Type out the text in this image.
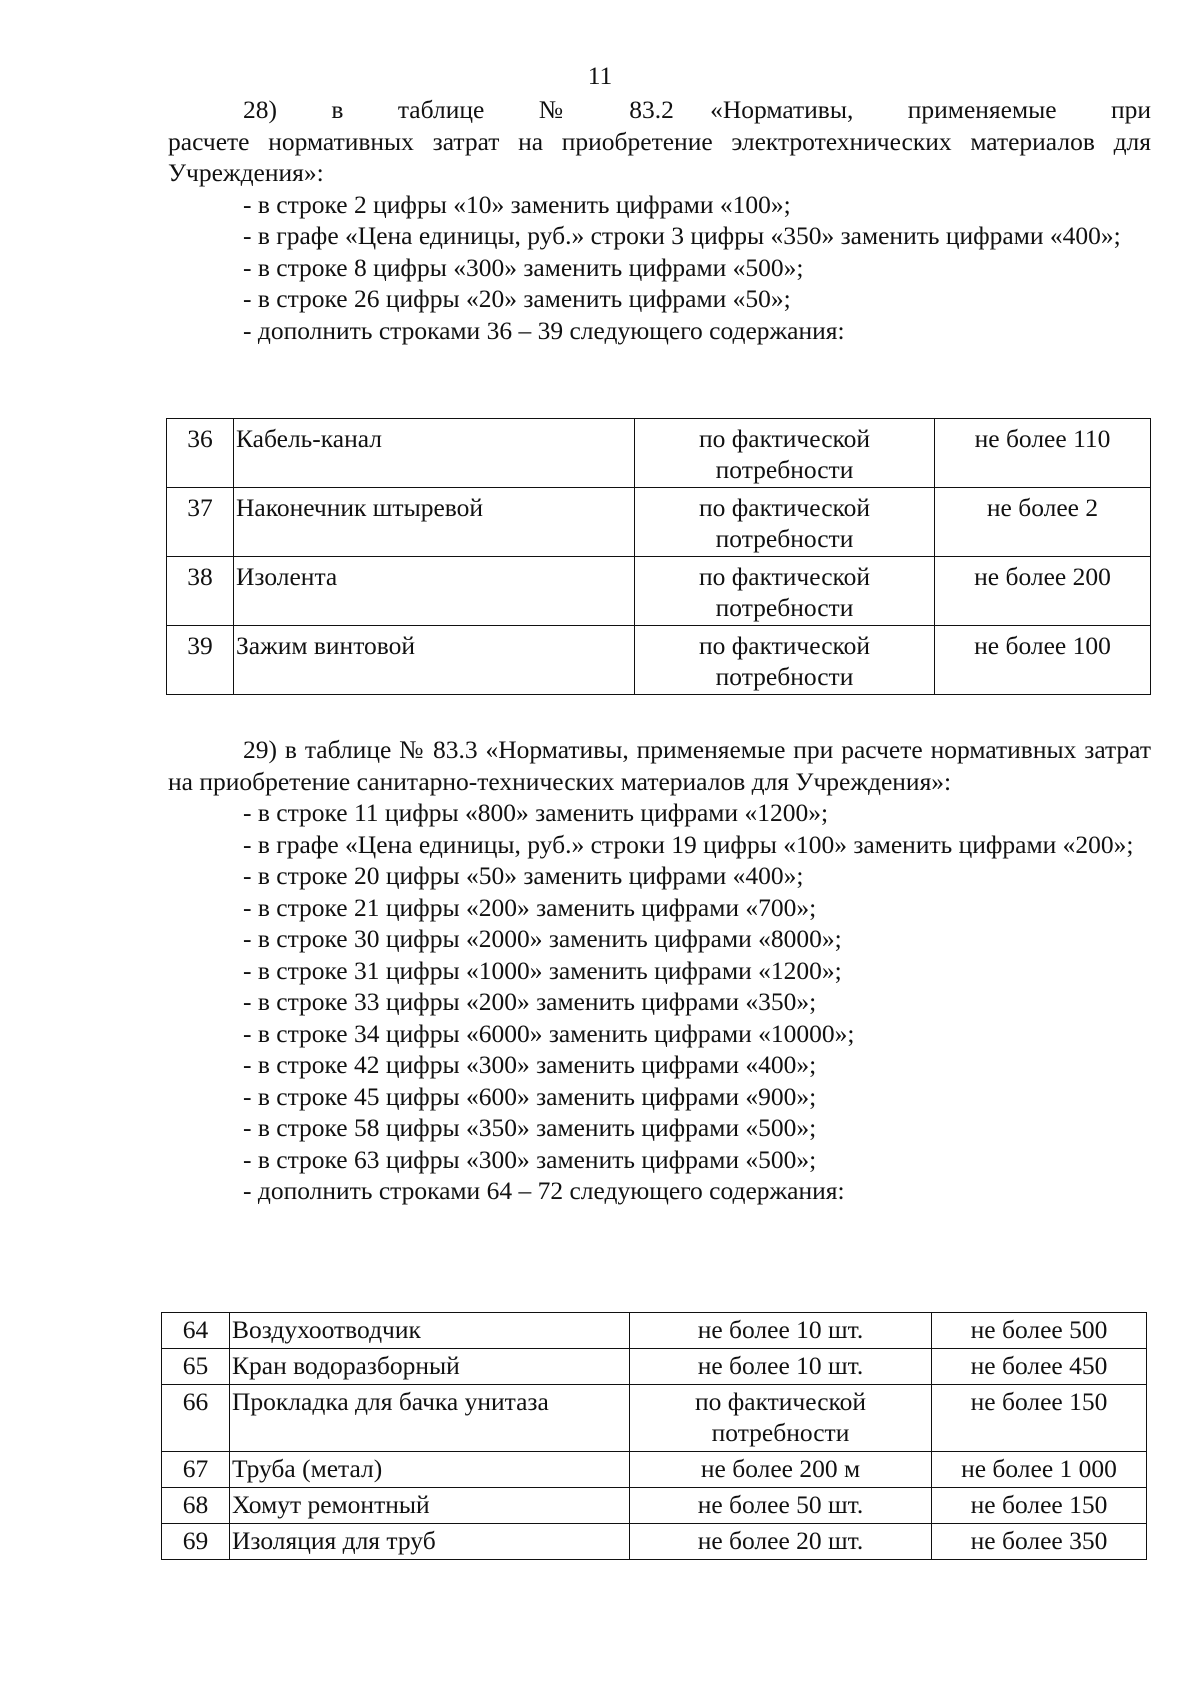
11

28)   в   таблице   №   83.2  «Нормативы,   применяемые   при

расчете нормативных затрат на приобретение электротехнических материалов для Учреждения»:

- в строке 2 цифры «10» заменить цифрами «100»;

- в графе «Цена единицы, руб.» строки 3 цифры «350» заменить цифрами «400»;

- в строке 8 цифры «300» заменить цифрами «500»;

- в строке 26 цифры «20» заменить цифрами «50»;

- дополнить строками 36 – 39 следующего содержания:

36	Кабель-канал	по фактической потребности	не более 110
37	Наконечник штыревой	по фактической потребности	не более 2
38	Изолента	по фактической потребности	не более 200
39	Зажим винтовой	по фактической потребности	не более 100

29) в таблице № 83.3 «Нормативы, применяемые при расчете нормативных затрат на приобретение санитарно-технических материалов для Учреждения»:

- в строке 11 цифры «800» заменить цифрами «1200»;

- в графе «Цена единицы, руб.» строки 19 цифры «100» заменить цифрами «200»;

- в строке 20 цифры «50» заменить цифрами «400»;

- в строке 21 цифры «200» заменить цифрами «700»;

- в строке 30 цифры «2000» заменить цифрами «8000»;

- в строке 31 цифры «1000» заменить цифрами «1200»;

- в строке 33 цифры «200» заменить цифрами «350»;

- в строке 34 цифры «6000» заменить цифрами «10000»;

- в строке 42 цифры «300» заменить цифрами «400»;

- в строке 45 цифры «600» заменить цифрами «900»;

- в строке 58 цифры «350» заменить цифрами «500»;

- в строке 63 цифры «300» заменить цифрами «500»;

- дополнить строками 64 – 72 следующего содержания:

64	Воздухоотводчик	не более 10 шт.	не более 500
65	Кран водоразборный	не более 10 шт.	не более 450
66	Прокладка для бачка унитаза	по фактической потребности	не более 150
67	Труба (метал)	не более 200 м	не более 1 000
68	Хомут ремонтный	не более 50 шт.	не более 150
69	Изоляция для труб	не более 20 шт.	не более 350
